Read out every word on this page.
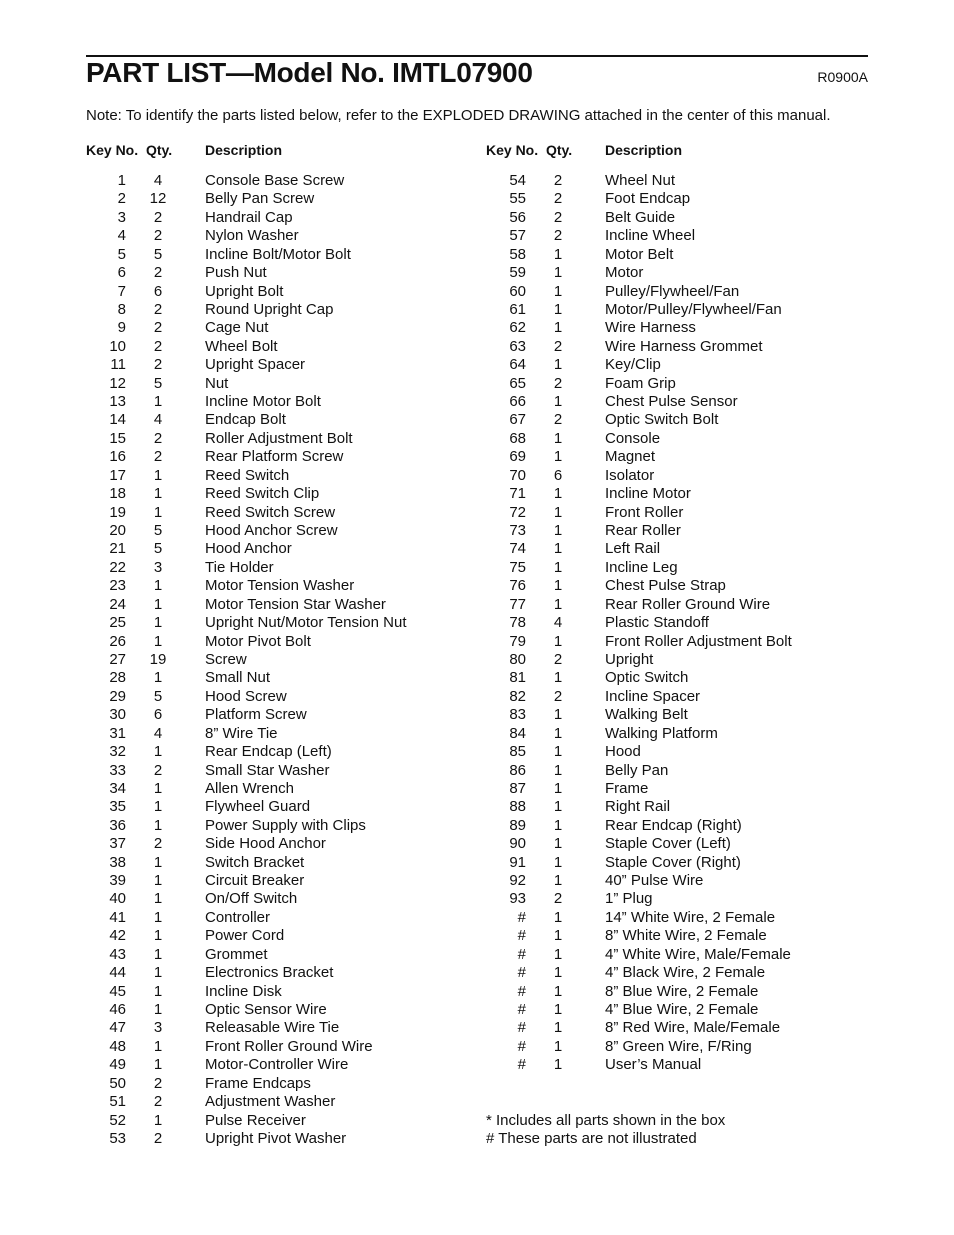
PART LIST—Model No. IMTL07900	R0900A
Note: To identify the parts listed below, refer to the EXPLODED DRAWING attached in the center of this manual.
Key No. Qty. Description
1	4	Console Base Screw
2	12	Belly Pan Screw
3	2	Handrail Cap
4	2	Nylon Washer
5	5	Incline Bolt/Motor Bolt
6	2	Push Nut
7	6	Upright Bolt
8	2	Round Upright Cap
9	2	Cage Nut
10	2	Wheel Bolt
11	2	Upright Spacer
12	5	Nut
13	1	Incline Motor Bolt
14	4	Endcap Bolt
15	2	Roller Adjustment Bolt
16	2	Rear Platform Screw
17	1	Reed Switch
18	1	Reed Switch Clip
19	1	Reed Switch Screw
20	5	Hood Anchor Screw
21	5	Hood Anchor
22	3	Tie Holder
23	1	Motor Tension Washer
24	1	Motor Tension Star Washer
25	1	Upright Nut/Motor Tension Nut
26	1	Motor Pivot Bolt
27	19	Screw
28	1	Small Nut
29	5	Hood Screw
30	6	Platform Screw
31	4	8” Wire Tie
32	1	Rear Endcap (Left)
33	2	Small Star Washer
34	1	Allen Wrench
35	1	Flywheel Guard
36	1	Power Supply with Clips
37	2	Side Hood Anchor
38	1	Switch Bracket
39	1	Circuit Breaker
40	1	On/Off Switch
41	1	Controller
42	1	Power Cord
43	1	Grommet
44	1	Electronics Bracket
45	1	Incline Disk
46	1	Optic Sensor Wire
47	3	Releasable Wire Tie
48	1	Front Roller Ground Wire
49	1	Motor-Controller Wire
50	2	Frame Endcaps
51	2	Adjustment Washer
52	1	Pulse Receiver
53	2	Upright Pivot Washer
Key No. Qty. Description
54	2	Wheel Nut
55	2	Foot Endcap
56	2	Belt Guide
57	2	Incline Wheel
58	1	Motor Belt
59	1	Motor
60	1	Pulley/Flywheel/Fan
61	1	Motor/Pulley/Flywheel/Fan
62	1	Wire Harness
63	2	Wire Harness Grommet
64	1	Key/Clip
65	2	Foam Grip
66	1	Chest Pulse Sensor
67	2	Optic Switch Bolt
68	1	Console
69	1	Magnet
70	6	Isolator
71	1	Incline Motor
72	1	Front Roller
73	1	Rear Roller
74	1	Left Rail
75	1	Incline Leg
76	1	Chest Pulse Strap
77	1	Rear Roller Ground Wire
78	4	Plastic Standoff
79	1	Front Roller Adjustment Bolt
80	2	Upright
81	1	Optic Switch
82	2	Incline Spacer
83	1	Walking Belt
84	1	Walking Platform
85	1	Hood
86	1	Belly Pan
87	1	Frame
88	1	Right Rail
89	1	Rear Endcap (Right)
90	1	Staple Cover (Left)
91	1	Staple Cover (Right)
92	1	40” Pulse Wire
93	2	1” Plug
#	1	14” White Wire, 2 Female
#	1	8” White Wire, 2 Female
#	1	4” White Wire, Male/Female
#	1	4” Black Wire, 2 Female
#	1	8” Blue Wire, 2 Female
#	1	4” Blue Wire, 2 Female
#	1	8” Red Wire, Male/Female
#	1	8” Green Wire, F/Ring
#	1	User’s Manual
* Includes all parts shown in the box
# These parts are not illustrated
